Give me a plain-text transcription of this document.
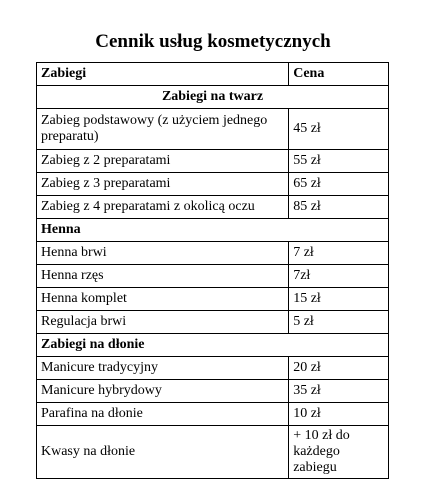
Cennik usług kosmetycznych
Zabiegi	Cena
Zabiegi na twarz	
Zabieg podstawowy (z użyciem jednego preparatu)	45 zł
Zabieg z 2 preparatami	55 zł
Zabieg z 3 preparatami	65 zł
Zabieg z 4 preparatami z okolicą oczu	85 zł
Henna	
Henna brwi	7 zł
Henna rzęs	7zł
Henna komplet	15 zł
Regulacja brwi	5 zł
Zabiegi na dłonie	
Manicure tradycyjny	20 zł
Manicure hybrydowy	35 zł
Parafina na dłonie	10 zł
Kwasy na dłonie	+ 10 zł do każdego zabiegu
